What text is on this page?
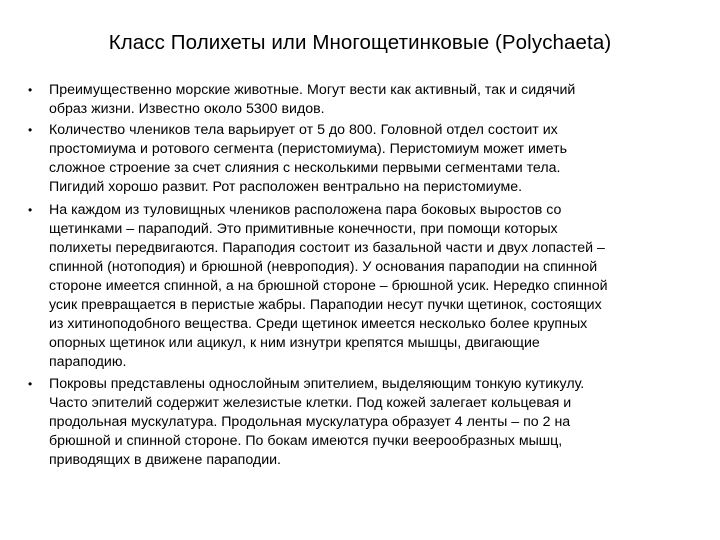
Класс Полихеты или Многощетинковые (Polychaeta)
•	Преимущественно морские животные. Могут вести как активный, так и сидячий
образ жизни. Известно около 5300 видов.
•	Количество члеников тела варьирует от 5 до 800. Головной отдел состоит их
простомиума и ротового сегмента (перистомиума). Перистомиум может иметь
сложное строение за счет слияния с несколькими первыми сегментами тела.
Пигидий хорошо развит. Рот расположен вентрально на перистомиуме.
•	На каждом из туловищных члеников расположена пара боковых выростов со
щетинками – параподий. Это примитивные конечности, при помощи которых
полихеты передвигаются. Параподия состоит из базальной части и двух лопастей –
спинной (нотоподия) и брюшной (невроподия). У основания параподии на спинной
стороне имеется спинной, а на брюшной стороне – брюшной усик. Нередко спинной
усик превращается в перистые жабры. Параподии несут пучки щетинок, состоящих
из хитиноподобного вещества. Среди щетинок имеется несколько более крупных
опорных щетинок или ацикул, к ним изнутри крепятся мышцы, двигающие
параподию.
•	Покровы представлены однослойным эпителием, выделяющим тонкую кутикулу.
Часто эпителий содержит железистые клетки. Под кожей залегает кольцевая и
продольная мускулатура. Продольная мускулатура образует 4 ленты – по 2 на
брюшной и спинной стороне. По бокам имеются пучки веерообразных мышц,
приводящих в движене параподии.
